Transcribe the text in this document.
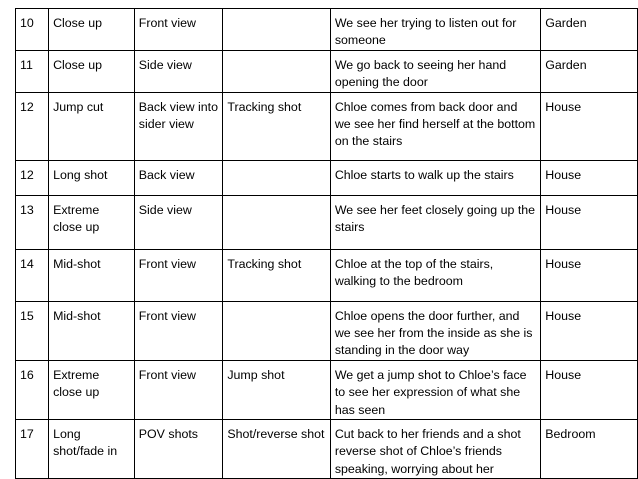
10	Close up	Front view		We see her trying to listen out for someone	Garden
11	Close up	Side view		We go back to seeing her hand opening the door	Garden
12	Jump cut	Back view into sider view	Tracking shot	Chloe comes from back door and we see her find herself at the bottom on the stairs	House
12	Long shot	Back view		Chloe starts to walk up the stairs	House
13	Extreme close up	Side view		We see her feet closely going up the stairs	House
14	Mid-shot	Front view	Tracking shot	Chloe at the top of the stairs, walking to the bedroom	House
15	Mid-shot	Front view		Chloe opens the door further, and we see her from the inside as she is standing in the door way	House
16	Extreme close up	Front view	Jump shot	We get a jump shot to Chloe’s face to see her expression of what she has seen	House
17	Long shot/fade in	POV shots	Shot/reverse shot	Cut back to her friends and a shot reverse shot of Chloe’s friends speaking, worrying about her	Bedroom
